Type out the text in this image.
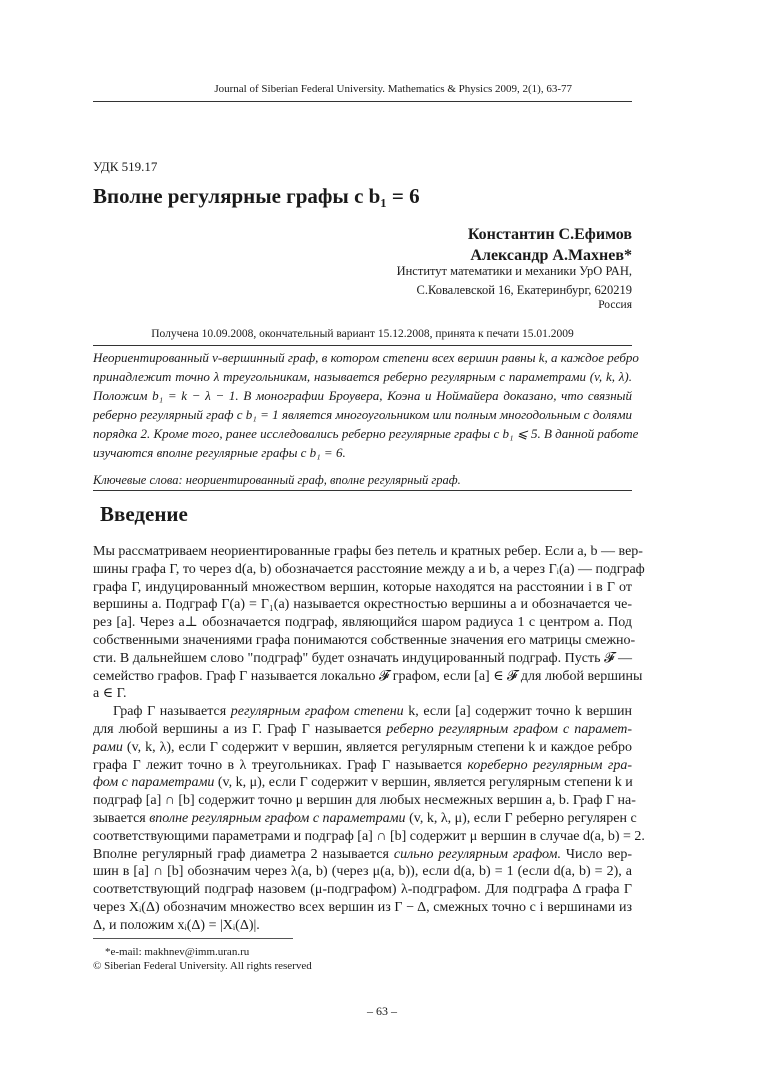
Journal of Siberian Federal University. Mathematics & Physics 2009, 2(1), 63-77
УДК 519.17
Вполне регулярные графы с b₁ = 6
Константин С.Ефимов
Александр А.Махнев*
Институт математики и механики УрО РАН,
С.Ковалевской 16, Екатеринбург, 620219
Россия
Получена 10.09.2008, окончательный вариант 15.12.2008, принята к печати 15.01.2009
Неориентированный v-вершинный граф, в котором степени всех вершин равны k, а каждое ребро
принадлежит точно λ треугольникам, называется реберно регулярным с параметрами (v, k, λ).
Положим b₁ = k − λ − 1. В монографии Броувера, Коэна и Ноймайера доказано, что связный
реберно регулярный граф с b₁ = 1 является многоугольником или полным многодольным с долями
порядка 2. Кроме того, ранее исследовались реберно регулярные графы с b₁ ⩽ 5. В данной работе
изучаются вполне регулярные графы с b₁ = 6.
Ключевые слова: неориентированный граф, вполне регулярный граф.
Введение
Мы рассматриваем неориентированные графы без петель и кратных ребер. Если a, b — вер-
шины графа Γ, то через d(a, b) обозначается расстояние между a и b, а через Γᵢ(a) — подграф
графа Γ, индуцированный множеством вершин, которые находятся на расстоянии i в Γ от
вершины a. Подграф Γ(a) = Γ₁(a) называется окрестностью вершины a и обозначается че-
рез [a]. Через a⊥ обозначается подграф, являющийся шаром радиуса 1 с центром a. Под
собственными значениями графа понимаются собственные значения его матрицы смежно-
сти. В дальнейшем слово "подграф" будет означать индуцированный подграф. Пусть 𝓕 —
семейство графов. Граф Γ называется локально 𝓕 графом, если [a] ∈ 𝓕 для любой вершины
a ∈ Γ.
Граф Γ называется регулярным графом степени k, если [a] содержит точно k вершин
для любой вершины a из Γ. Граф Γ называется реберно регулярным графом с парамет-
рами (v, k, λ), если Γ содержит v вершин, является регулярным степени k и каждое ребро
графа Γ лежит точно в λ треугольниках. Граф Γ называется кореберно регулярным гра-
фом с параметрами (v, k, μ), если Γ содержит v вершин, является регулярным степени k и
подграф [a] ∩ [b] содержит точно μ вершин для любых несмежных вершин a, b. Граф Γ на-
зывается вполне регулярным графом с параметрами (v, k, λ, μ), если Γ реберно регулярен с
соответствующими параметрами и подграф [a] ∩ [b] содержит μ вершин в случае d(a, b) = 2.
Вполне регулярный граф диаметра 2 называется сильно регулярным графом. Число вер-
шин в [a] ∩ [b] обозначим через λ(a, b) (через μ(a, b)), если d(a, b) = 1 (если d(a, b) = 2), а
соответствующий подграф назовем (μ-подграфом) λ-подграфом. Для подграфа Δ графа Γ
через Xᵢ(Δ) обозначим множество всех вершин из Γ − Δ, смежных точно с i вершинами из
Δ, и положим xᵢ(Δ) = |Xᵢ(Δ)|.
*e-mail: makhnev@imm.uran.ru
© Siberian Federal University. All rights reserved
– 63 –
